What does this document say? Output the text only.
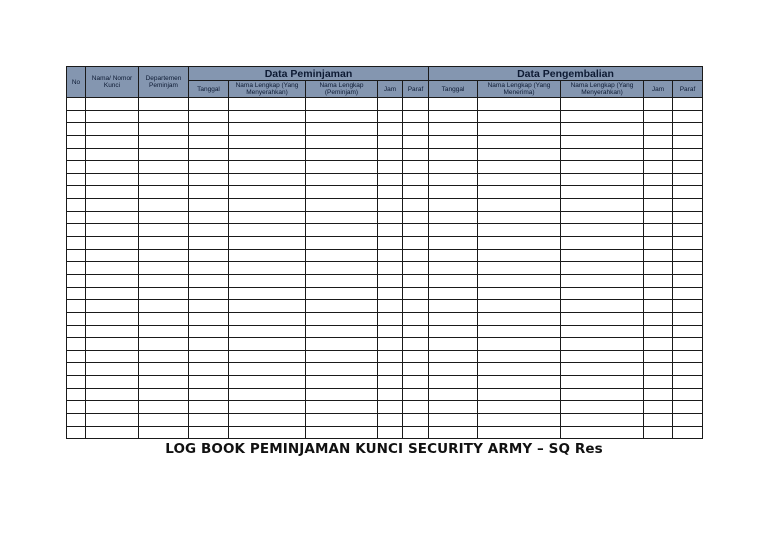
No	Nama/ Nomor Kunci	Departemen Peminjam	Data Peminjaman					Data Pengembalian				
			Tanggal	Nama Lengkap (Yang Menyerahkan)	Nama Lengkap (Peminjam)	Jam	Paraf	Tanggal	Nama Lengkap (Yang Menerima)	Nama Lengkap (Yang Menyerahkan)	Jam	Paraf

LOG BOOK PEMINJAMAN KUNCI SECURITY ARMY – SQ Res
